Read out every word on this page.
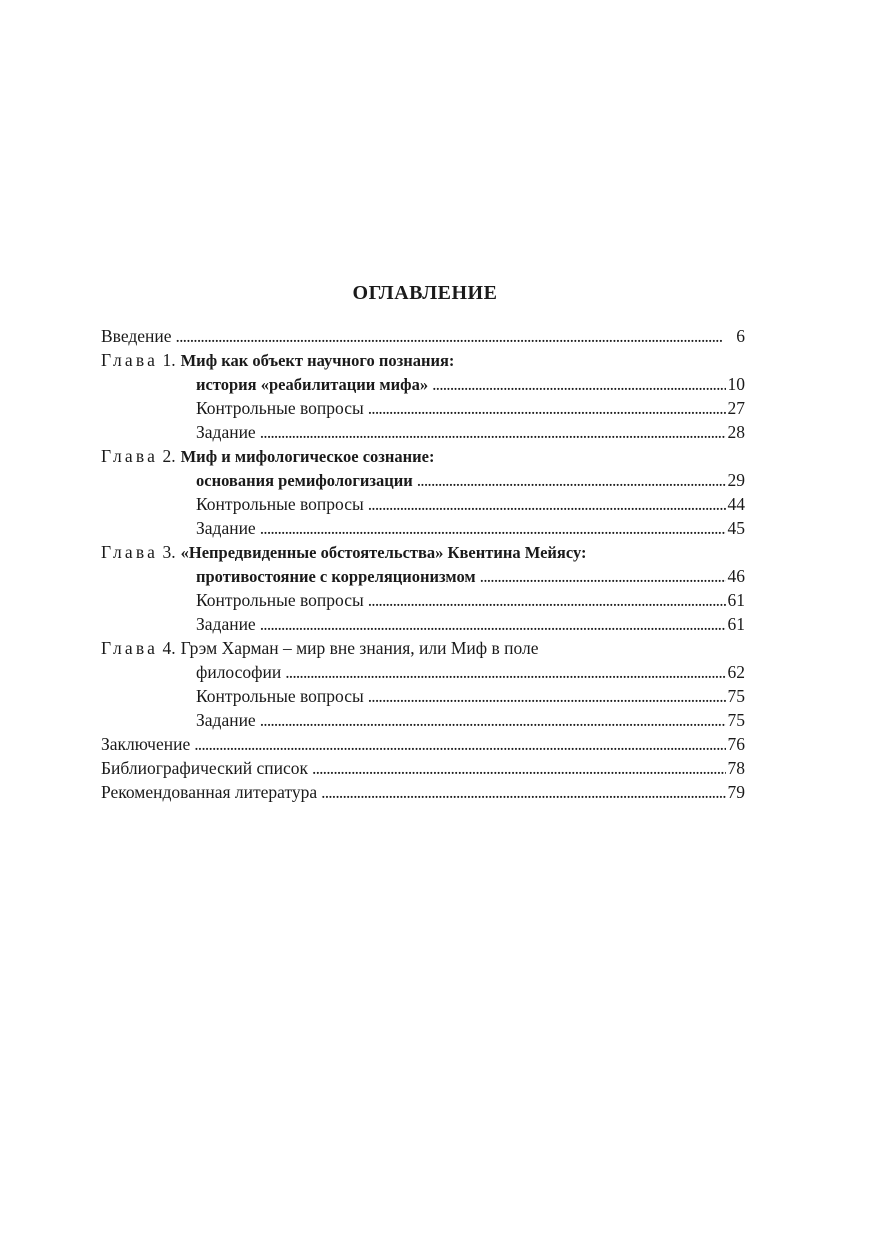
ОГЛАВЛЕНИЕ
Введение . . .	6
Глава 1. Миф как объект научного познания:
история «реабилитации мифа» . . .	10
Контрольные вопросы . . .	27
Задание . . .	28
Глава 2. Миф и мифологическое сознание:
основания ремифологизации . . .	29
Контрольные вопросы . . .	44
Задание . . .	45
Глава 3. «Непредвиденные обстоятельства» Квентина Мейясу:
противостояние с корреляционизмом . . .	46
Контрольные вопросы . . .	61
Задание . . .	61
Глава 4. Грэм Харман – мир вне знания, или Миф в поле
философии . . .	62
Контрольные вопросы . . .	75
Задание . . .	75
Заключение . . .	76
Библиографический список . . .	78
Рекомендованная литература . . .	79
